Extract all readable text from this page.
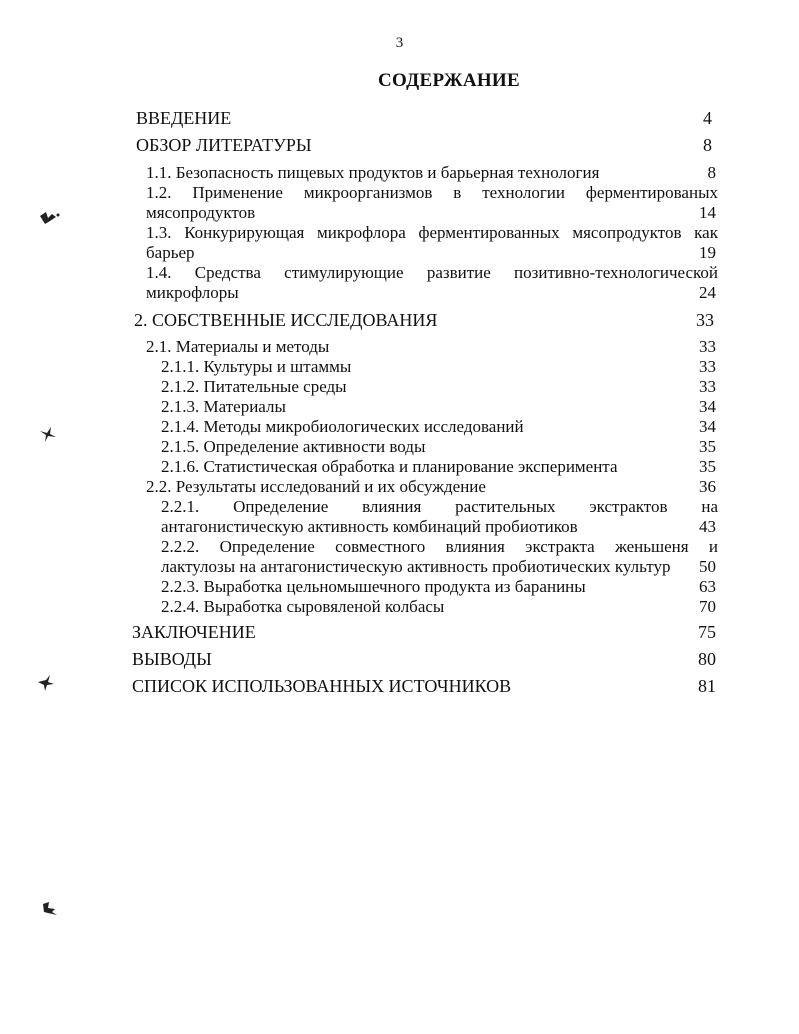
3
СОДЕРЖАНИЕ
ВВЕДЕНИЕ	4
ОБЗОР ЛИТЕРАТУРЫ	8
1.1. Безопасность пищевых продуктов и барьерная технология	8
1.2. Применение микроорганизмов в технологии ферментированых
мясопродуктов	14
1.3. Конкурирующая микрофлора ферментированных мясопродуктов как
барьер	19
1.4. Средства стимулирующие развитие позитивно-технологической
микрофлоры	24
2. СОБСТВЕННЫЕ ИССЛЕДОВАНИЯ	33
2.1. Материалы и методы	33
2.1.1. Культуры и штаммы	33
2.1.2. Питательные среды	33
2.1.3. Материалы	34
2.1.4. Методы микробиологических исследований	34
2.1.5. Определение активности воды	35
2.1.6. Статистическая обработка и планирование эксперимента	35
2.2. Результаты исследований и их обсуждение	36
2.2.1. Определение влияния растительных экстрактов на
антагонистическую активность комбинаций пробиотиков	43
2.2.2. Определение совместного влияния экстракта женьшеня и
лактулозы на антагонистическую активность пробиотических культур	50
2.2.3. Выработка цельномышечного продукта из баранины	63
2.2.4. Выработка сыровяленой колбасы	70
ЗАКЛЮЧЕНИЕ	75
ВЫВОДЫ	80
СПИСОК ИСПОЛЬЗОВАННЫХ ИСТОЧНИКОВ	81
